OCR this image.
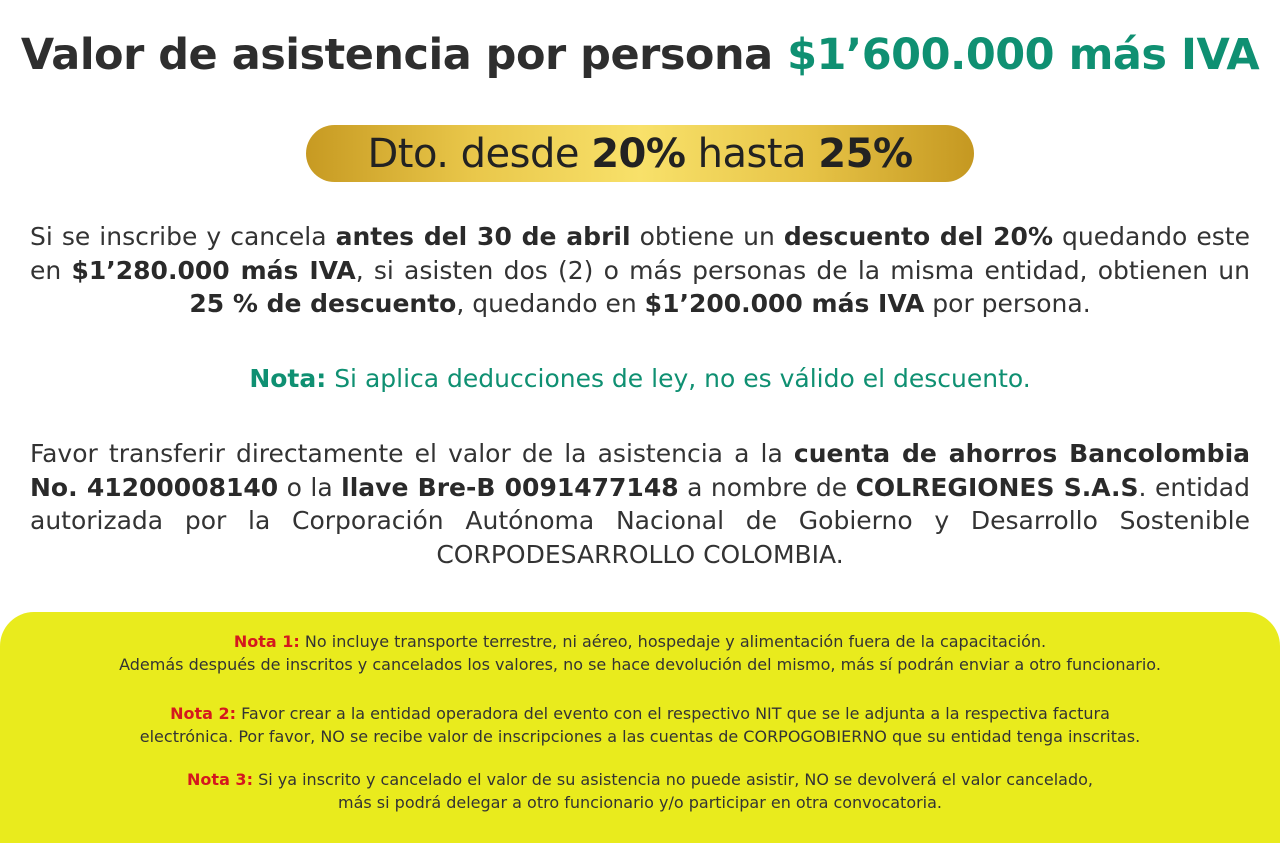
Valor de asistencia por persona $1’600.000 más IVA
Dto. desde
20%
hasta
25%

Si se inscribe y cancela antes del 30 de abril obtiene un descuento del 20% quedando este en $1’280.000 más IVA, si asisten dos (2) o más personas de la misma entidad, obtienen un 25 % de descuento, quedando en $1’200.000 más IVA por persona.

Nota: Si aplica deducciones de ley, no es válido el descuento.

Favor transferir directamente el valor de la asistencia a la cuenta de ahorros Bancolombia No. 41200008140 o la llave Bre-B 0091477148 a nombre de COLREGIONES S.A.S. entidad autorizada por la Corporación Autónoma Nacional de Gobierno y Desarrollo Sostenible CORPODESARROLLO COLOMBIA.

Nota 1: No incluye transporte terrestre, ni aéreo, hospedaje y alimentación fuera de la capacitación.
Además después de inscritos y cancelados los valores, no se hace devolución del mismo, más sí podrán enviar a otro funcionario.
Nota 2: Favor crear a la entidad operadora del evento con el respectivo NIT que se le adjunta a la respectiva factura
electrónica. Por favor, NO se recibe valor de inscripciones a las cuentas de CORPOGOBIERNO que su entidad tenga inscritas.
Nota 3: Si ya inscrito y cancelado el valor de su asistencia no puede asistir, NO se devolverá el valor cancelado,
más si podrá delegar a otro funcionario y/o participar en otra convocatoria.
